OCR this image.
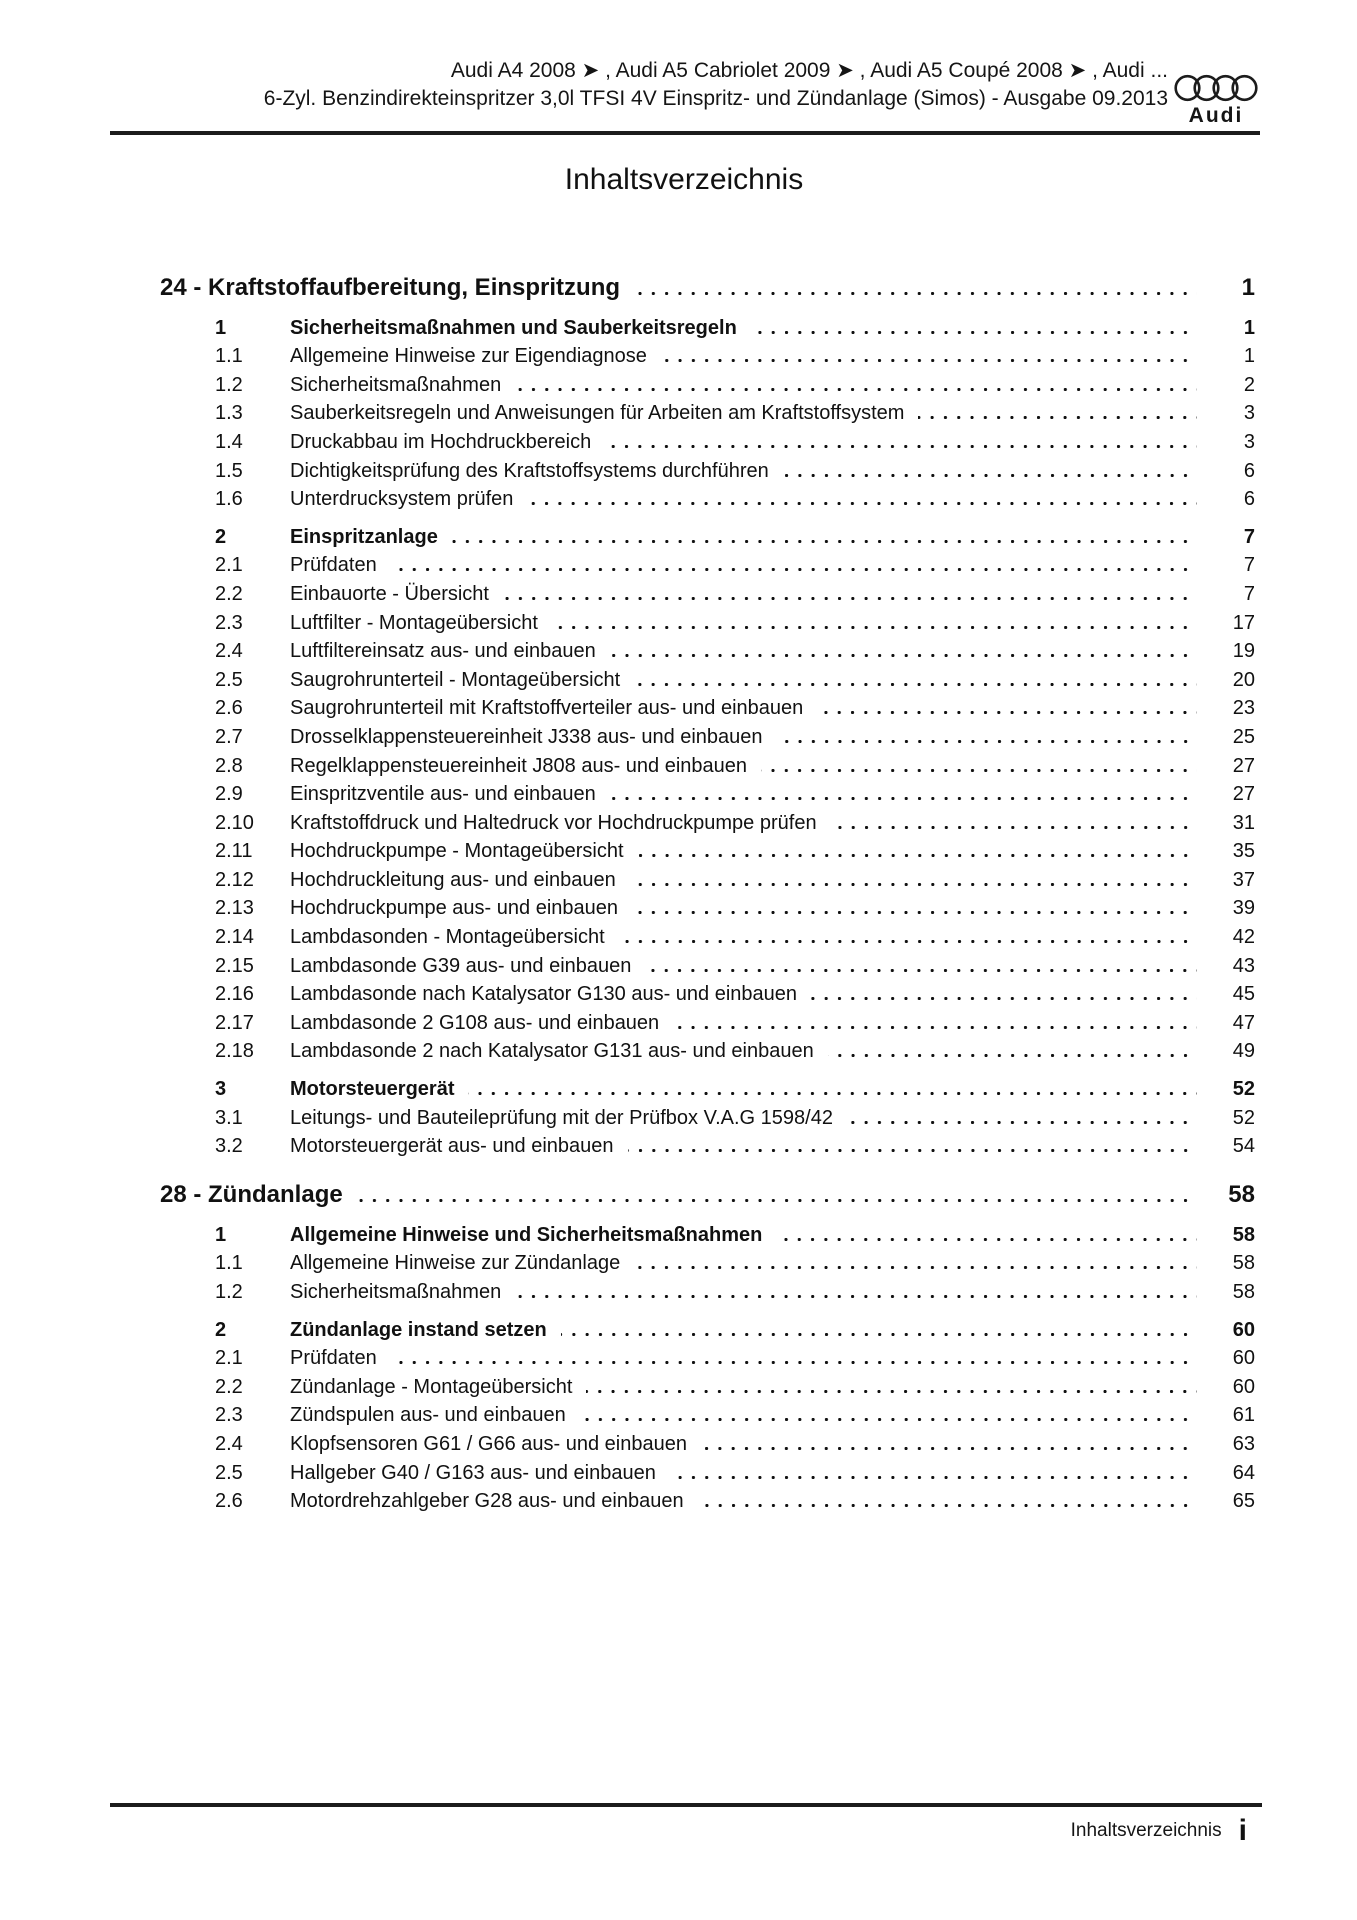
Audi A4 2008 ➤ , Audi A5 Cabriolet 2009 ➤ , Audi A5 Coupé 2008 ➤ , Audi ...
6-Zyl. Benzindirekteinspritzer 3,0l TFSI 4V Einspritz- und Zündanlage (Simos) - Ausgabe 09.2013
Audi
Inhaltsverzeichnis
24 - Kraftstoffaufbereitung, Einspritzung	1
1	Sicherheitsmaßnahmen und Sauberkeitsregeln	1
1.1	Allgemeine Hinweise zur Eigendiagnose	1
1.2	Sicherheitsmaßnahmen	2
1.3	Sauberkeitsregeln und Anweisungen für Arbeiten am Kraftstoffsystem	3
1.4	Druckabbau im Hochdruckbereich	3
1.5	Dichtigkeitsprüfung des Kraftstoffsystems durchführen	6
1.6	Unterdrucksystem prüfen	6
2	Einspritzanlage	7
2.1	Prüfdaten	7
2.2	Einbauorte - Übersicht	7
2.3	Luftfilter - Montageübersicht	17
2.4	Luftfiltereinsatz aus- und einbauen	19
2.5	Saugrohrunterteil - Montageübersicht	20
2.6	Saugrohrunterteil mit Kraftstoffverteiler aus- und einbauen	23
2.7	Drosselklappensteuereinheit J338 aus- und einbauen	25
2.8	Regelklappensteuereinheit J808 aus- und einbauen	27
2.9	Einspritzventile aus- und einbauen	27
2.10	Kraftstoffdruck und Haltedruck vor Hochdruckpumpe prüfen	31
2.11	Hochdruckpumpe - Montageübersicht	35
2.12	Hochdruckleitung aus- und einbauen	37
2.13	Hochdruckpumpe aus- und einbauen	39
2.14	Lambdasonden - Montageübersicht	42
2.15	Lambdasonde G39 aus- und einbauen	43
2.16	Lambdasonde nach Katalysator G130 aus- und einbauen	45
2.17	Lambdasonde 2 G108 aus- und einbauen	47
2.18	Lambdasonde 2 nach Katalysator G131 aus- und einbauen	49
3	Motorsteuergerät	52
3.1	Leitungs- und Bauteileprüfung mit der Prüfbox V.A.G 1598/42	52
3.2	Motorsteuergerät aus- und einbauen	54
28 - Zündanlage	58
1	Allgemeine Hinweise und Sicherheitsmaßnahmen	58
1.1	Allgemeine Hinweise zur Zündanlage	58
1.2	Sicherheitsmaßnahmen	58
2	Zündanlage instand setzen	60
2.1	Prüfdaten	60
2.2	Zündanlage - Montageübersicht	60
2.3	Zündspulen aus- und einbauen	61
2.4	Klopfsensoren G61 / G66 aus- und einbauen	63
2.5	Hallgeber G40 / G163 aus- und einbauen	64
2.6	Motordrehzahlgeber G28 aus- und einbauen	65
Inhaltsverzeichnis i
